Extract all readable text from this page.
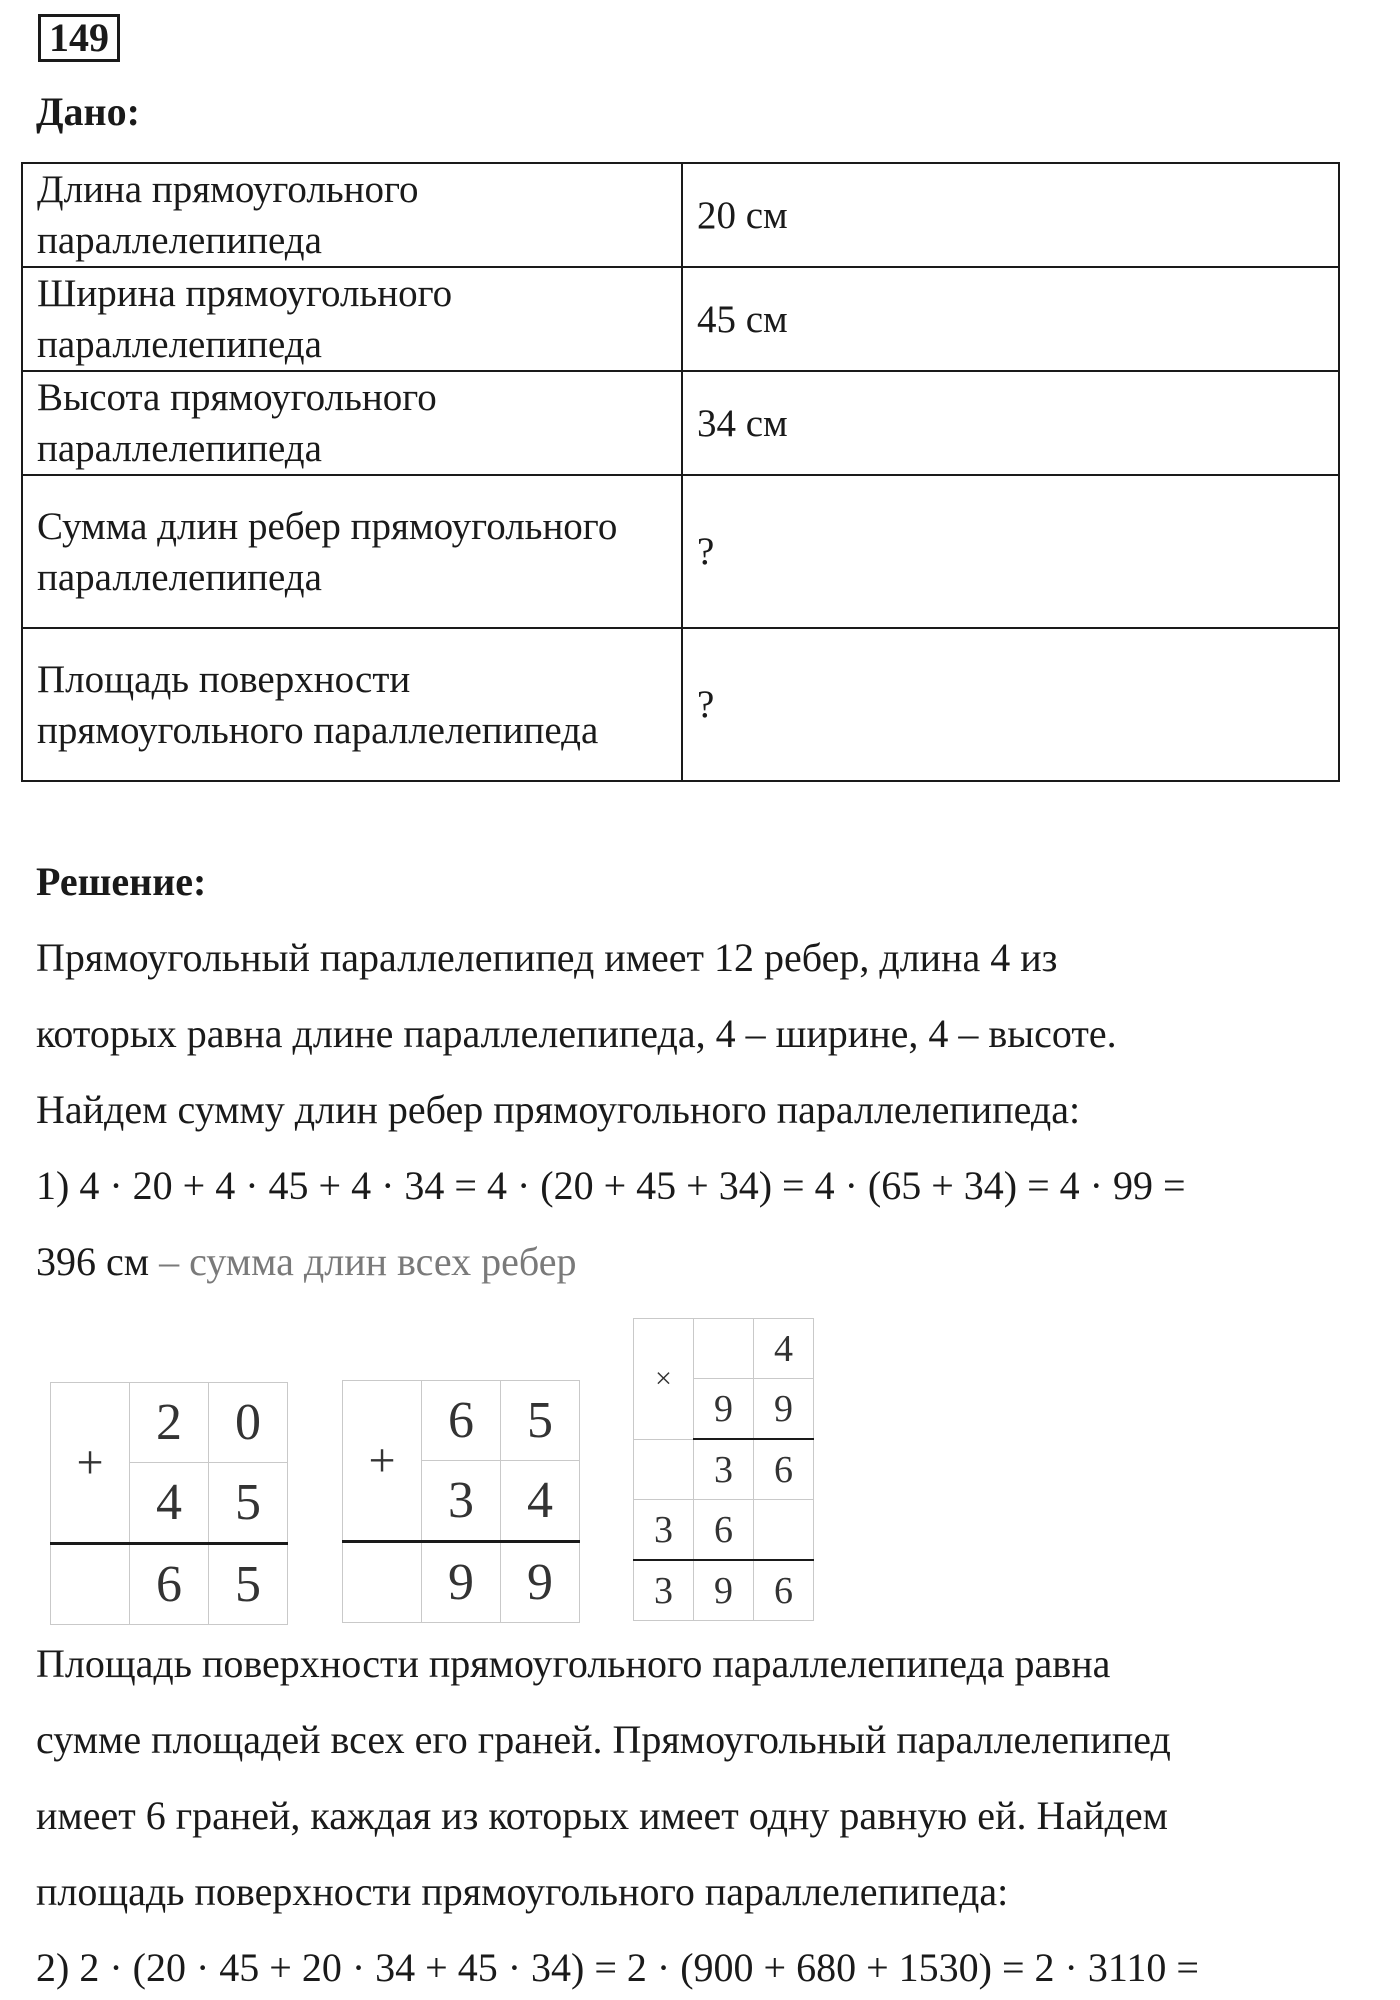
149
Дано:
Длина прямоугольного параллелепипеда	20 см
Ширина прямоугольного параллелепипеда	45 см
Высота прямоугольного параллелепипеда	34 см
Сумма длин ребер прямоугольного параллелепипеда	?
Площадь поверхности прямоугольного параллелепипеда	?
Решение:
Прямоугольный параллелепипед имеет 12 ребер, длина 4 из
которых равна длине параллелепипеда, 4 – ширине, 4 – высоте.
Найдем сумму длин ребер прямоугольного параллелепипеда:
1) 4 · 20 + 4 · 45 + 4 · 34 = 4 · (20 + 45 + 34) = 4 · (65 + 34) = 4 · 99 =
396 см – сумма длин всех ребер
+	2	0
	4	5
	6	5
+	6	5
	3	4
	9	9
×		4
	9	9
	3	6
3	6	
3	9	6
Площадь поверхности прямоугольного параллелепипеда равна
сумме площадей всех его граней. Прямоугольный параллелепипед
имеет 6 граней, каждая из которых имеет одну равную ей. Найдем
площадь поверхности прямоугольного параллелепипеда:
2) 2 · (20 · 45 + 20 · 34 + 45 · 34) = 2 · (900 + 680 + 1530) = 2 · 3110 =
